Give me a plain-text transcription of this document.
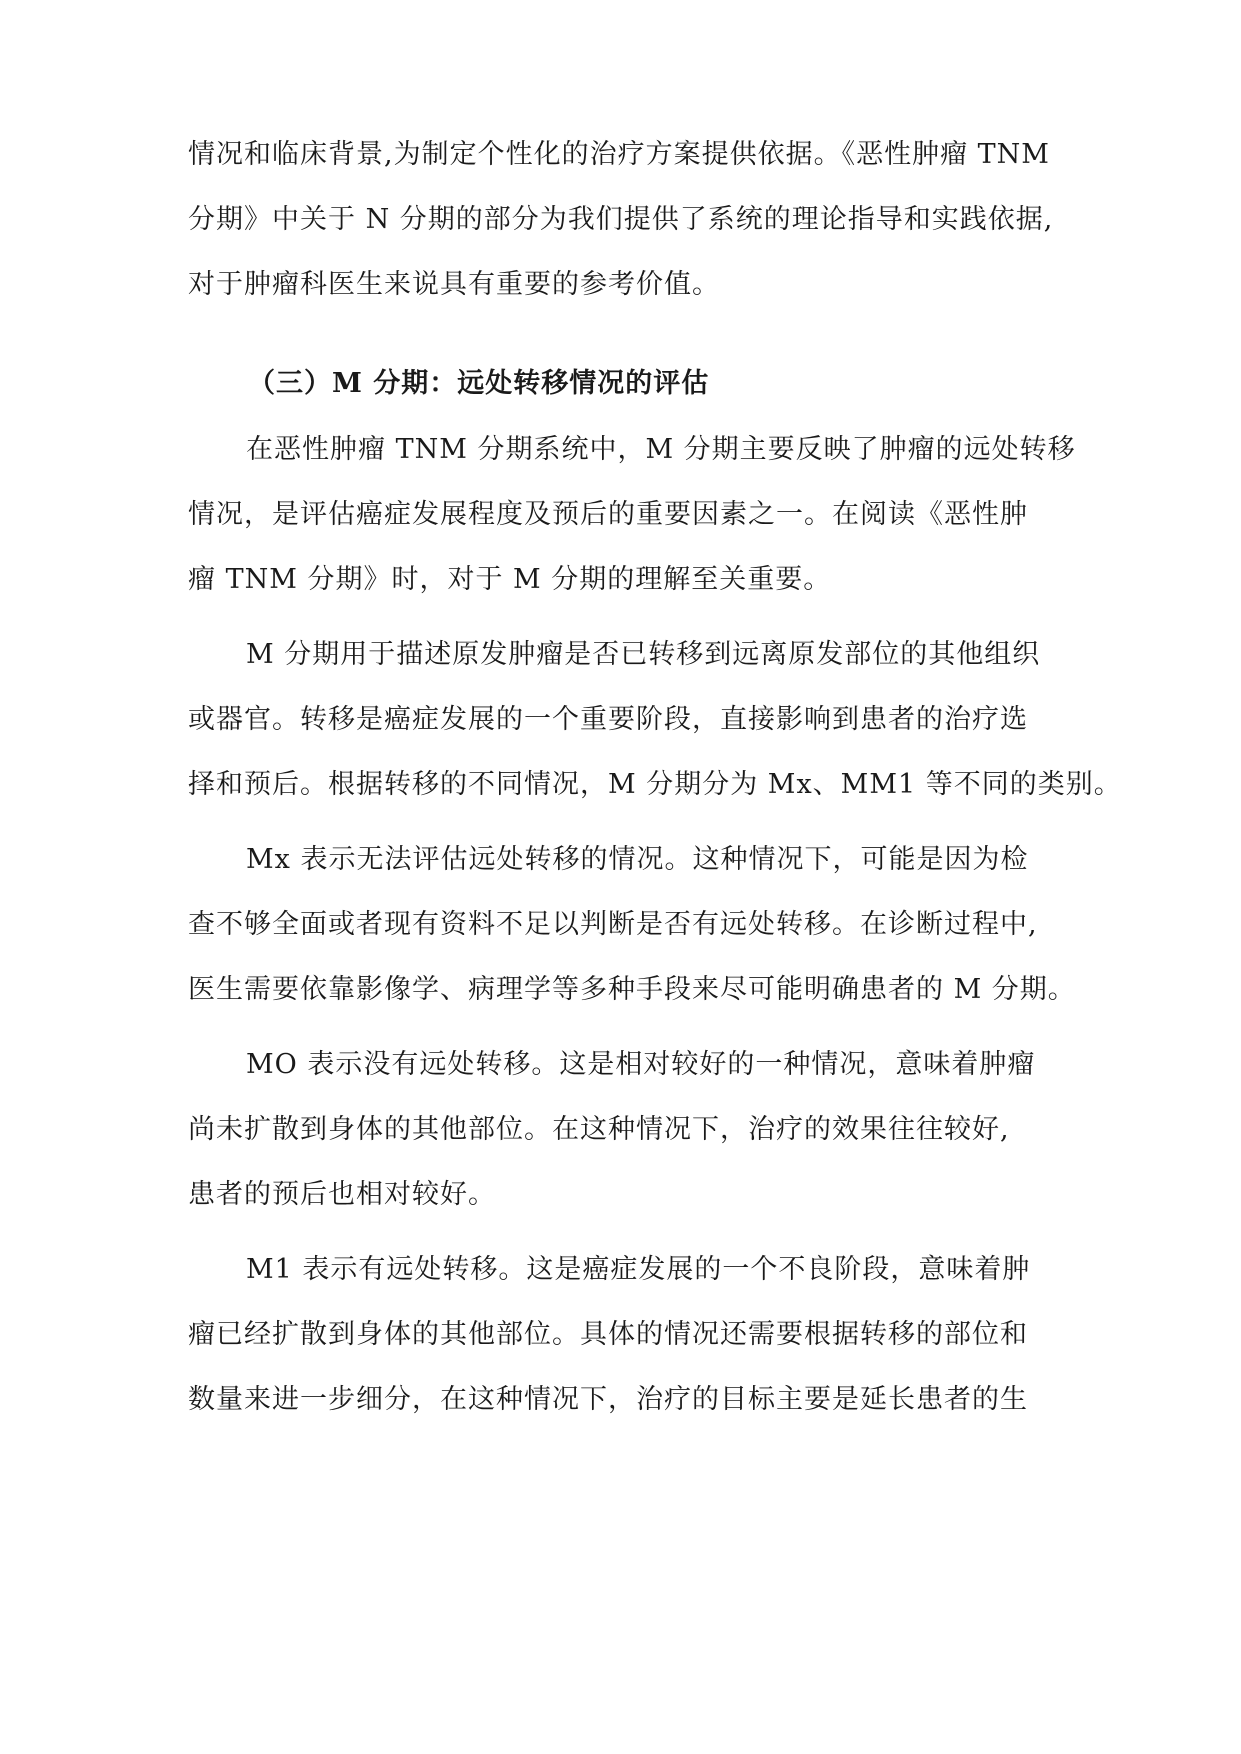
情况和临床背景,为制定个性化的治疗方案提供依据。《恶性肿瘤 TNM
分期》中关于 N 分期的部分为我们提供了系统的理论指导和实践依据,
对于肿瘤科医生来说具有重要的参考价值。
（三）M 分期：远处转移情况的评估
在恶性肿瘤 TNM 分期系统中，M 分期主要反映了肿瘤的远处转移
情况，是评估癌症发展程度及预后的重要因素之一。在阅读《恶性肿
瘤 TNM 分期》时，对于 M 分期的理解至关重要。
M 分期用于描述原发肿瘤是否已转移到远离原发部位的其他组织
或器官。转移是癌症发展的一个重要阶段，直接影响到患者的治疗选
择和预后。根据转移的不同情况，M 分期分为 Mx、MM1 等不同的类别。
Mx 表示无法评估远处转移的情况。这种情况下，可能是因为检
查不够全面或者现有资料不足以判断是否有远处转移。在诊断过程中,
医生需要依靠影像学、病理学等多种手段来尽可能明确患者的 M 分期。
MO 表示没有远处转移。这是相对较好的一种情况，意味着肿瘤
尚未扩散到身体的其他部位。在这种情况下，治疗的效果往往较好,
患者的预后也相对较好。
M1 表示有远处转移。这是癌症发展的一个不良阶段，意味着肿
瘤已经扩散到身体的其他部位。具体的情况还需要根据转移的部位和
数量来进一步细分，在这种情况下，治疗的目标主要是延长患者的生
